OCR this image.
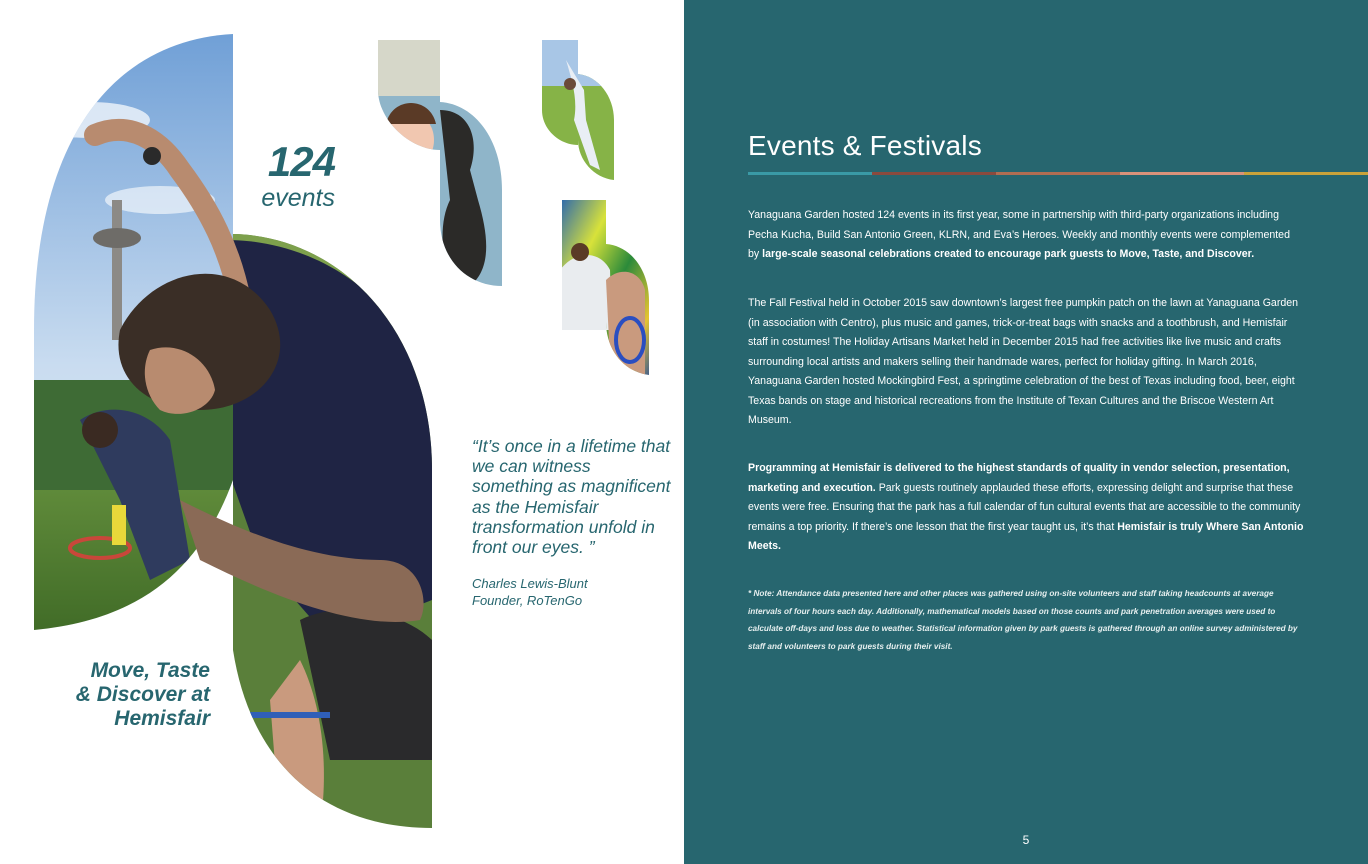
124
events
Move, Taste
& Discover at
Hemisfair

“It’s once in a lifetime that we can witness something as magnificent as the Hemisfair transformation unfold in front our eyes. ”

Charles Lewis-Blunt
Founder, RoTenGo
Events & Festivals

Yanaguana Garden hosted 124 events in its first year, some in partnership with third-party organizations including Pecha Kucha, Build San Antonio Green, KLRN, and Eva’s Heroes. Weekly and monthly events were complemented by large-scale seasonal celebrations created to encourage park guests to Move, Taste, and Discover.

The Fall Festival held in October 2015 saw downtown’s largest free pumpkin patch on the lawn at Yanaguana Garden (in association with Centro), plus music and games, trick-or-treat bags with snacks and a toothbrush, and Hemisfair staff in costumes! The Holiday Artisans Market held in December 2015 had free activities like live music and crafts surrounding local artists and makers selling their handmade wares, perfect for holiday gifting. In March 2016, Yanaguana Garden hosted Mockingbird Fest, a springtime celebration of the best of Texas including food, beer, eight Texas bands on stage and historical recreations from the Institute of Texan Cultures and the Briscoe Western Art Museum.

Programming at Hemisfair is delivered to the highest standards of quality in vendor selection, presentation, marketing and execution. Park guests routinely applauded these efforts, expressing delight and surprise that these events were free. Ensuring that the park has a full calendar of fun cultural events that are accessible to the community remains a top priority. If there’s one lesson that the first year taught us, it’s that Hemisfair is truly Where San Antonio Meets.

* Note: Attendance data presented here and other places was gathered using on-site volunteers and staff taking headcounts at average intervals of four hours each day. Additionally, mathematical models based on those counts and park penetration averages were used to calculate off-days and loss due to weather. Statistical information given by park guests is gathered through an online survey administered by staff and volunteers to park guests during their visit.

5
